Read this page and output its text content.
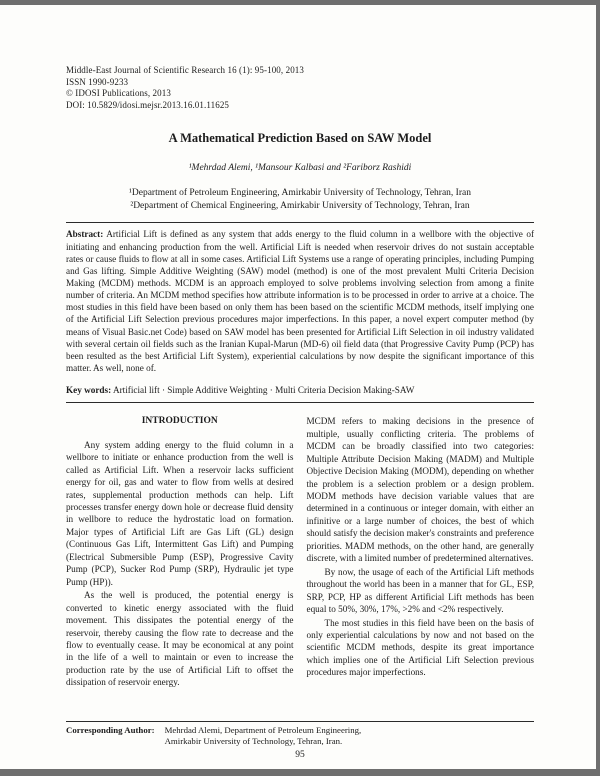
Middle-East Journal of Scientific Research 16 (1): 95-100, 2013
ISSN 1990-9233
© IDOSI Publications, 2013
DOI: 10.5829/idosi.mejsr.2013.16.01.11625
A Mathematical Prediction Based on SAW Model
¹Mehrdad Alemi, ¹Mansour Kalbasi and ²Fariborz Rashidi
¹Department of Petroleum Engineering, Amirkabir University of Technology, Tehran, Iran
²Department of Chemical Engineering, Amirkabir University of Technology, Tehran, Iran

Abstract: Artificial Lift is defined as any system that adds energy to the fluid column in a wellbore with the objective of initiating and enhancing production from the well. Artificial Lift is needed when reservoir drives do not sustain acceptable rates or cause fluids to flow at all in some cases. Artificial Lift Systems use a range of operating principles, including Pumping and Gas lifting. Simple Additive Weighting (SAW) model (method) is one of the most prevalent Multi Criteria Decision Making (MCDM) methods. MCDM is an approach employed to solve problems involving selection from among a finite number of criteria. An MCDM method specifies how attribute information is to be processed in order to arrive at a choice. The most studies in this field have been based on only them has been based on the scientific MCDM methods, itself implying one of the Artificial Lift Selection previous procedures major imperfections. In this paper, a novel expert computer method (by means of Visual Basic.net Code) based on SAW model has been presented for Artificial Lift Selection in oil industry validated with several certain oil fields such as the Iranian Kupal-Marun (MD-6) oil field data (that Progressive Cavity Pump (PCP) has been resulted as the best Artificial Lift System), experiential calculations by now despite the significant importance of this matter. As well, none of.

Key words: Artificial lift · Simple Additive Weighting · Multi Criteria Decision Making-SAW

INTRODUCTION

Any system adding energy to the fluid column in a wellbore to initiate or enhance production from the well is called as Artificial Lift. When a reservoir lacks sufficient energy for oil, gas and water to flow from wells at desired rates, supplemental production methods can help. Lift processes transfer energy down hole or decrease fluid density in wellbore to reduce the hydrostatic load on formation. Major types of Artificial Lift are Gas Lift (GL) design (Continuous Gas Lift, Intermittent Gas Lift) and Pumping (Electrical Submersible Pump (ESP), Progressive Cavity Pump (PCP), Sucker Rod Pump (SRP), Hydraulic jet type Pump (HP)).

As the well is produced, the potential energy is converted to kinetic energy associated with the fluid movement. This dissipates the potential energy of the reservoir, thereby causing the flow rate to decrease and the flow to eventually cease. It may be economical at any point in the life of a well to maintain or even to increase the production rate by the use of Artificial Lift to offset the dissipation of reservoir energy.

MCDM refers to making decisions in the presence of multiple, usually conflicting criteria. The problems of MCDM can be broadly classified into two categories: Multiple Attribute Decision Making (MADM) and Multiple Objective Decision Making (MODM), depending on whether the problem is a selection problem or a design problem. MODM methods have decision variable values that are determined in a continuous or integer domain, with either an infinitive or a large number of choices, the best of which should satisfy the decision maker's constraints and preference priorities. MADM methods, on the other hand, are generally discrete, with a limited number of predetermined alternatives.

By now, the usage of each of the Artificial Lift methods throughout the world has been in a manner that for GL, ESP, SRP, PCP, HP as different Artificial Lift methods has been equal to 50%, 30%, 17%, >2% and <2% respectively.

The most studies in this field have been on the basis of only experiential calculations by now and not based on the scientific MCDM methods, despite its great importance which implies one of the Artificial Lift Selection previous procedures major imperfections.

Corresponding Author: Mehrdad Alemi, Department of Petroleum Engineering,
Amirkabir University of Technology, Tehran, Iran.
95
